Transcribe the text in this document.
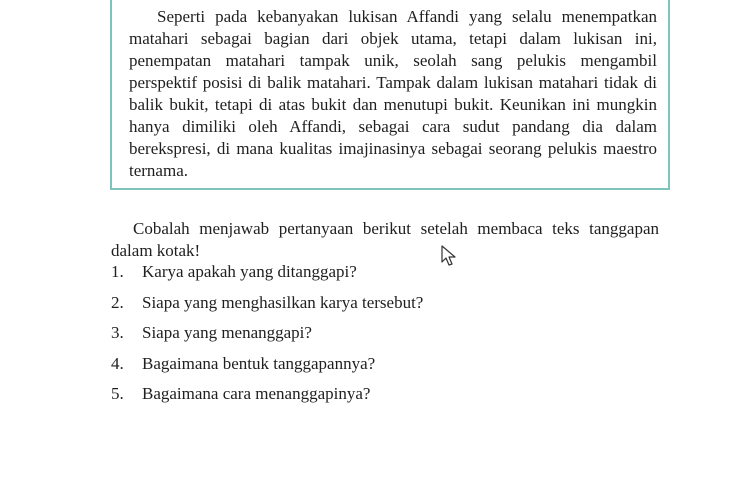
Seperti pada kebanyakan lukisan Affandi yang selalu menempatkan matahari sebagai bagian dari objek utama, tetapi dalam lukisan ini, penempatan matahari tampak unik, seolah sang pelukis mengambil perspektif posisi di balik matahari. Tampak dalam lukisan matahari tidak di balik bukit, tetapi di atas bukit dan menutupi bukit. Keunikan ini mungkin hanya dimiliki oleh Affandi, sebagai cara sudut pandang dia dalam berekspresi, di mana kualitas imajinasinya sebagai seorang pelukis maestro ternama.

Cobalah menjawab pertanyaan berikut setelah membaca teks tanggapan dalam kotak!

1.	Karya apakah yang ditanggapi?
2.	Siapa yang menghasilkan karya tersebut?
3.	Siapa yang menanggapi?
4.	Bagaimana bentuk tanggapannya?
5.	Bagaimana cara menanggapinya?
